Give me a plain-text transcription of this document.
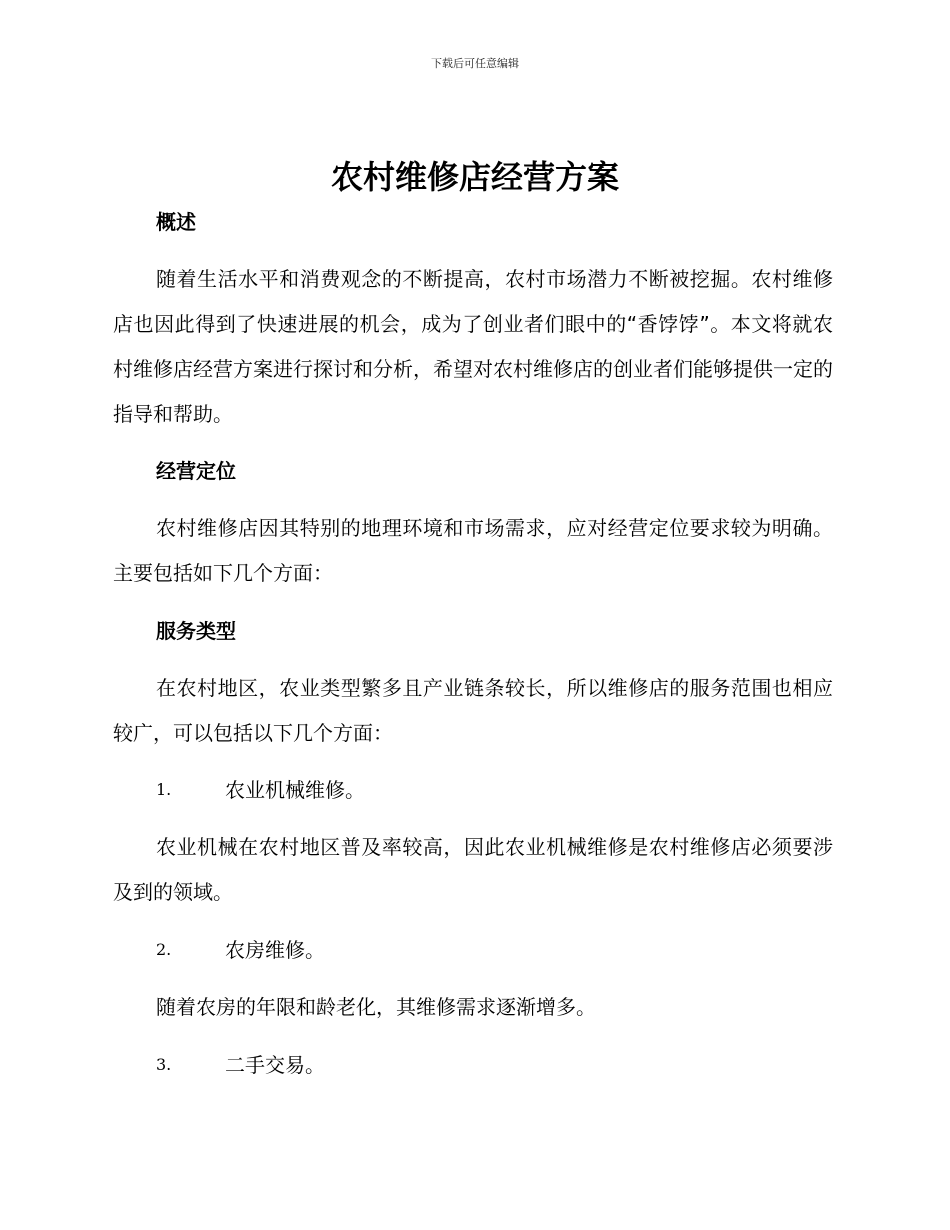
下载后可任意编辑
农村维修店经营方案
概述
随着生活水平和消费观念的不断提高，农村市场潜力不断被挖掘。农村维修店也因此得到了快速进展的机会，成为了创业者们眼中的“香饽饽”。本文将就农村维修店经营方案进行探讨和分析，希望对农村维修店的创业者们能够提供一定的指导和帮助。
经营定位
农村维修店因其特别的地理环境和市场需求，应对经营定位要求较为明确。主要包括如下几个方面：
服务类型
在农村地区，农业类型繁多且产业链条较长，所以维修店的服务范围也相应较广，可以包括以下几个方面：
1.	农业机械维修。
农业机械在农村地区普及率较高，因此农业机械维修是农村维修店必须要涉及到的领域。
2.	农房维修。
随着农房的年限和龄老化，其维修需求逐渐增多。
3.	二手交易。
